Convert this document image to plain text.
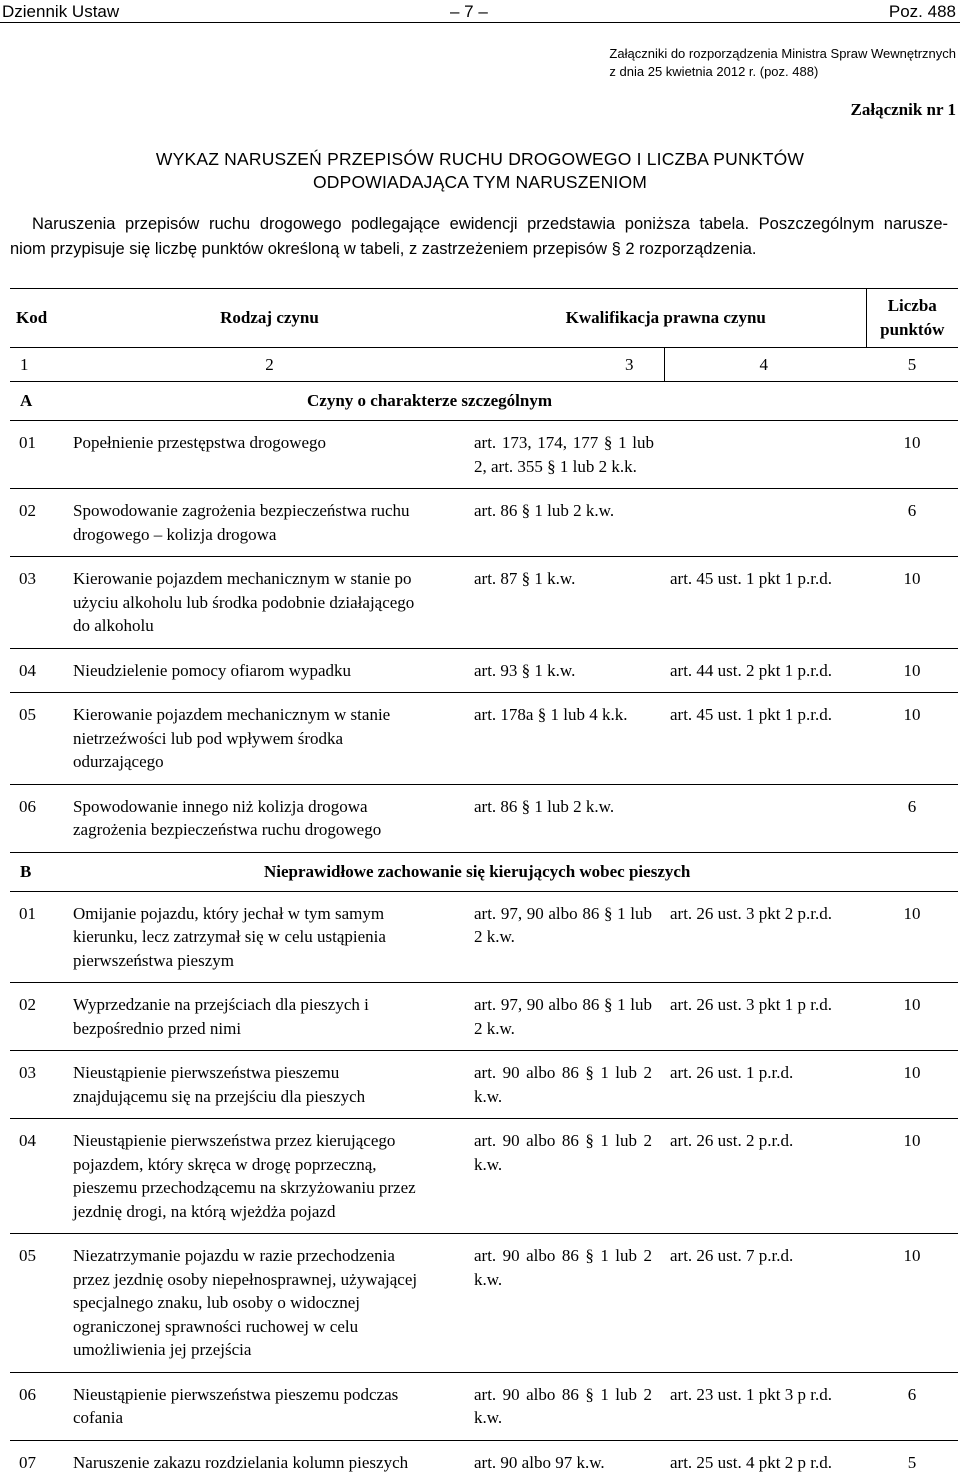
Dziennik Ustaw	– 7 –	Poz. 488
Załączniki do rozporządzenia Ministra Spraw Wewnętrznych
z dnia 25 kwietnia 2012 r. (poz. 488)
Załącznik nr 1
WYKAZ NARUSZEŃ PRZEPISÓW RUCHU DROGOWEGO I LICZBA PUNKTÓW
ODPOWIADAJĄCA TYM NARUSZENIOM
Naruszenia przepisów ruchu drogowego podlegające ewidencji przedstawia poniższa tabela. Poszczególnym narusze-
niom przypisuje się liczbę punktów określoną w tabeli, z zastrzeżeniem przepisów § 2 rozporządzenia.
Kod	Rodzaj czynu	Kwalifikacja prawna czynu		Liczba punktów
1	2	3	4	5
A	Czyny o charakterze szczególnym			
01	Popełnienie przestępstwa drogowego	art. 173, 174, 177 § 1 lub 2, art. 355 § 1 lub 2 k.k.		10
02	Spowodowanie zagrożenia bezpieczeństwa ruchu drogowego – kolizja drogowa	art. 86 § 1 lub 2 k.w.		6
03	Kierowanie pojazdem mechanicznym w stanie po użyciu alkoholu lub środka podobnie działającego do alkoholu	art. 87 § 1 k.w.	art. 45 ust. 1 pkt 1 p.r.d.	10
04	Nieudzielenie pomocy ofiarom wypadku	art. 93 § 1 k.w.	art. 44 ust. 2 pkt 1 p.r.d.	10
05	Kierowanie pojazdem mechanicznym w stanie nietrzeźwości lub pod wpływem środka odurzającego	art. 178a § 1 lub 4 k.k.	art. 45 ust. 1 pkt 1 p.r.d.	10
06	Spowodowanie innego niż kolizja drogowa zagrożenia bezpieczeństwa ruchu drogowego	art. 86 § 1 lub 2 k.w.		6
B	Nieprawidłowe zachowanie się kierujących wobec pieszych			
01	Omijanie pojazdu, który jechał w tym samym kierunku, lecz zatrzymał się w celu ustąpienia pierwszeństwa pieszym	art. 97, 90 albo 86 § 1 lub 2 k.w.	art. 26 ust. 3 pkt 2 p.r.d.	10
02	Wyprzedzanie na przejściach dla pieszych i bezpośrednio przed nimi	art. 97, 90 albo 86 § 1 lub 2 k.w.	art. 26 ust. 3 pkt 1 p r.d.	10
03	Nieustąpienie pierwszeństwa pieszemu znajdującemu się na przejściu dla pieszych	art. 90 albo 86 § 1 lub 2 k.w.	art. 26 ust. 1 p.r.d.	10
04	Nieustąpienie pierwszeństwa przez kierującego pojazdem, który skręca w drogę poprzeczną, pieszemu przechodzącemu na skrzyżowaniu przez jezdnię drogi, na którą wjeżdża pojazd	art. 90 albo 86 § 1 lub 2 k.w.	art. 26 ust. 2 p.r.d.	10
05	Niezatrzymanie pojazdu w razie przechodzenia przez jezdnię osoby niepełnosprawnej, używającej specjalnego znaku, lub osoby o widocznej ograniczonej sprawności ruchowej w celu umożliwienia jej przejścia	art. 90 albo 86 § 1 lub 2 k.w.	art. 26 ust. 7 p.r.d.	10
06	Nieustąpienie pierwszeństwa pieszemu podczas cofania	art. 90 albo 86 § 1 lub 2 k.w.	art. 23 ust. 1 pkt 3 p r.d.	6
07	Naruszenie zakazu rozdzielania kolumn pieszych	art. 90 albo 97 k.w.	art. 25 ust. 4 pkt 2 p r.d.	5
